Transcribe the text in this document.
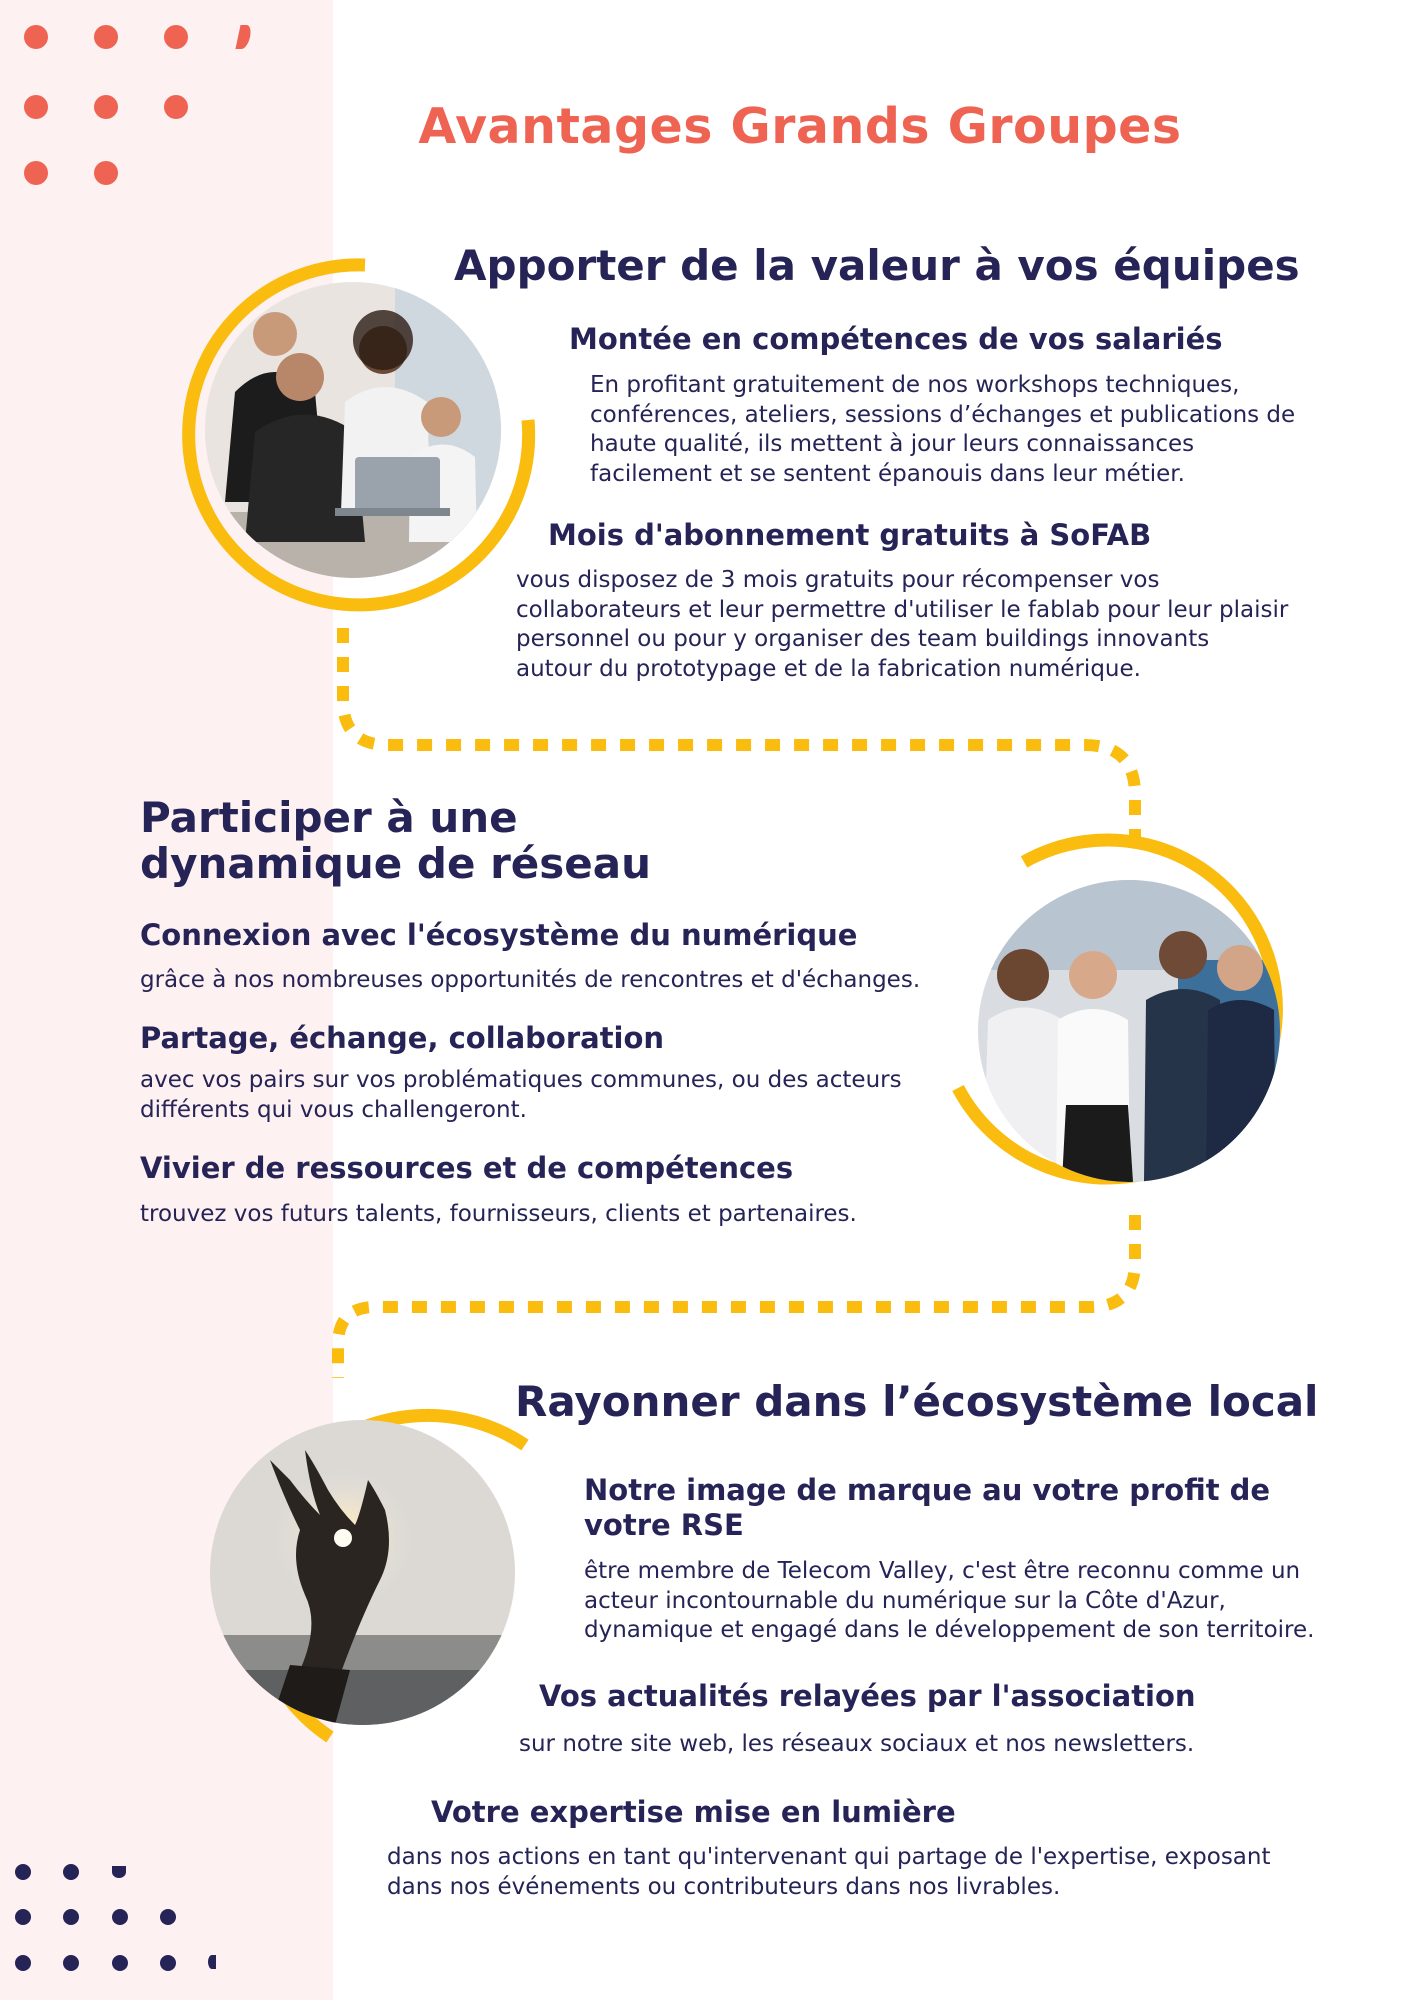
Avantages Grands Groupes
Apporter de la valeur à vos équipes
Montée en compétences de vos salariés
En profitant gratuitement de nos workshops techniques,
conférences, ateliers, sessions d’échanges et publications de
haute qualité, ils mettent à jour leurs connaissances
facilement et se sentent épanouis dans leur métier.
Mois d'abonnement gratuits à SoFAB
vous disposez de 3 mois gratuits pour récompenser vos
collaborateurs et leur permettre d'utiliser le fablab pour leur plaisir
personnel ou pour y organiser des team buildings innovants
autour du prototypage et de la fabrication numérique.
Participer à une
dynamique de réseau
Connexion avec l'écosystème du numérique
grâce à nos nombreuses opportunités de rencontres et d'échanges.
Partage, échange, collaboration
avec vos pairs sur vos problématiques communes, ou des acteurs
différents qui vous challengeront.
Vivier de ressources et de compétences
trouvez vos futurs talents, fournisseurs, clients et partenaires.
Rayonner dans l’écosystème local
Notre image de marque au votre profit de
votre RSE
être membre de Telecom Valley, c'est être reconnu comme un
acteur incontournable du numérique sur la Côte d'Azur,
dynamique et engagé dans le développement de son territoire.
Vos actualités relayées par l'association
sur notre site web, les réseaux sociaux et nos newsletters.
Votre expertise mise en lumière
dans nos actions en tant qu'intervenant qui partage de l'expertise, exposant
dans nos événements ou contributeurs dans nos livrables.
